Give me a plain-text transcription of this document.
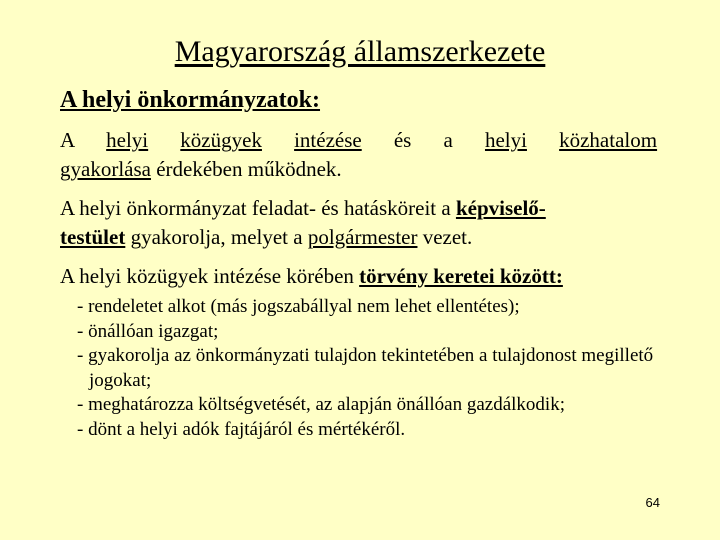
Magyarország államszerkezete
A helyi önkormányzatok:
A helyi közügyek intézése és a helyi közhatalom
gyakorlása érdekében működnek.
A helyi önkormányzat feladat- és hatásköreit a képviselő-
testület gyakorolja, melyet a polgármester vezet.
A helyi közügyek intézése körében törvény keretei között:
- rendeletet alkot (más jogszabállyal nem lehet ellentétes);
- önállóan igazgat;
- gyakorolja az önkormányzati tulajdon tekintetében a tulajdonost megillető jogokat;
- meghatározza költségvetését, az alapján önállóan gazdálkodik;
- dönt a helyi adók fajtájáról és mértékéről.
64
